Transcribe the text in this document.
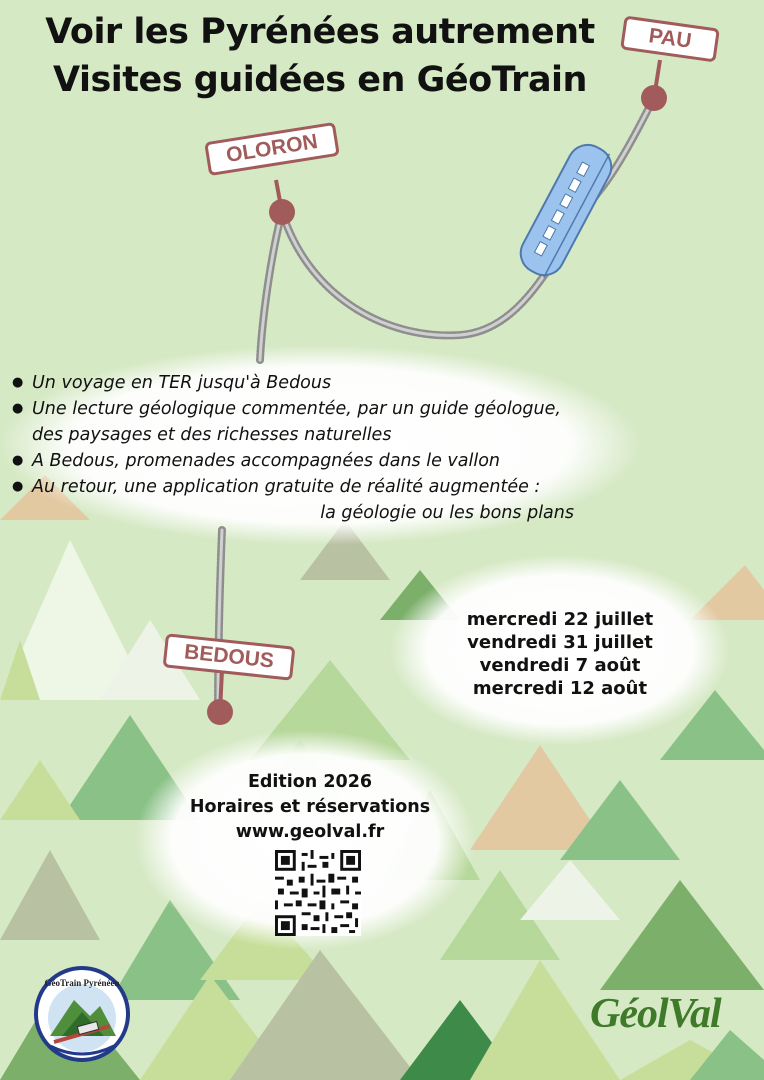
Voir les Pyrénées autrement
Visites guidées en GéoTrain
PAU
OLORON
BEDOUS
● Un voyage en TER jusqu'à Bedous
● Une lecture géologique commentée, par un guide géologue,
des paysages et des richesses naturelles
● A Bedous, promenades accompagnées dans le vallon
● Au retour, une application gratuite de réalité augmentée :
la géologie ou les bons plans
mercredi 22 juillet
vendredi 31 juillet
vendredi 7 août
mercredi 12 août
Edition 2026
Horaires et réservations
www.geolval.fr
GéoTrain Pyrénéen
GéolVal
